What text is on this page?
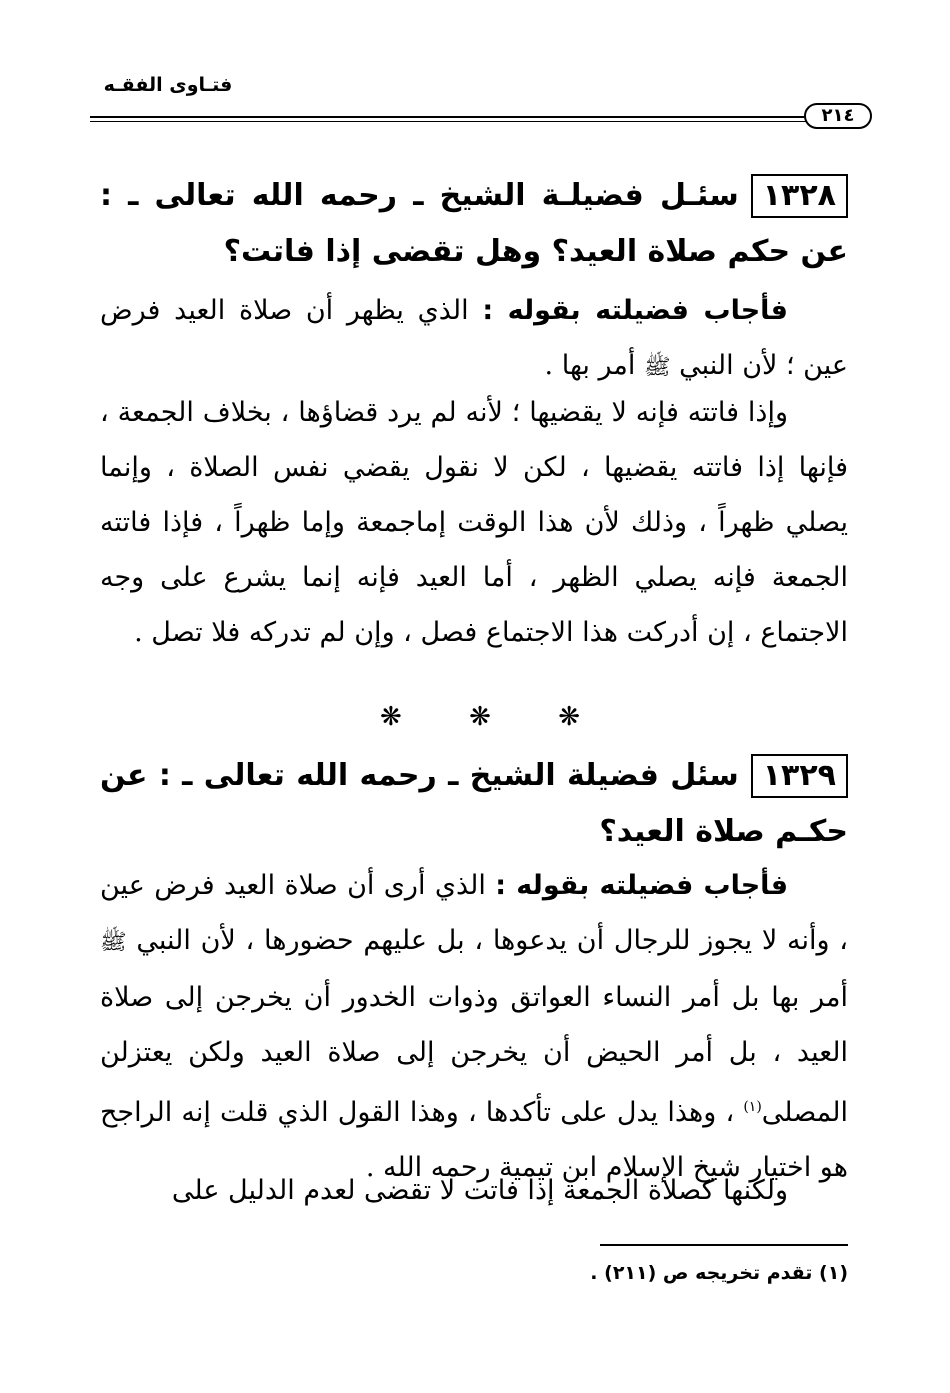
فتـاوى الفقـه
٢١٤
١٣٢٨سئـل فضيلـة الشيخ ـ رحمه الله تعالى ـ : عن حكم صلاة العيد؟ وهل تقضى إذا فاتت؟
فأجاب فضيلته بقوله : الذي يظهر أن صلاة العيد فرض عين ؛ لأن النبي ﷺ أمر بها .
وإذا فاتته فإنه لا يقضيها ؛ لأنه لم يرد قضاؤها ، بخلاف الجمعة ، فإنها إذا فاتته يقضيها ، لكن لا نقول يقضي نفس الصلاة ، وإنما يصلي ظهراً ، وذلك لأن هذا الوقت إماجمعة وإما ظهراً ، فإذا فاتته الجمعة فإنه يصلي الظهر ، أما العيد فإنه إنما يشرع على وجه الاجتماع ، إن أدركت هذا الاجتماع فصل ، وإن لم تدركه فلا تصل .
❋	❋	❋
١٣٢٩سئل فضيلة الشيخ ـ رحمه الله تعالى ـ : عن حكـم صلاة العيد؟
فأجاب فضيلته بقوله : الذي أرى أن صلاة العيد فرض عين ، وأنه لا يجوز للرجال أن يدعوها ، بل عليهم حضورها ، لأن النبي ﷺ أمر بها بل أمر النساء العواتق وذوات الخدور أن يخرجن إلى صلاة العيد ، بل أمر الحيض أن يخرجن إلى صلاة العيد ولكن يعتزلن المصلى$^{(١)}$ ، وهذا يدل على تأكدها ، وهذا القول الذي قلت إنه الراجح هو اختيار شيخ الإسلام ابن تيمية رحمه الله .
ولكنها كصلاة الجمعة إذا فاتت لا تقضى لعدم الدليل على
(١) تقدم تخريجه ص (٢١١) .
